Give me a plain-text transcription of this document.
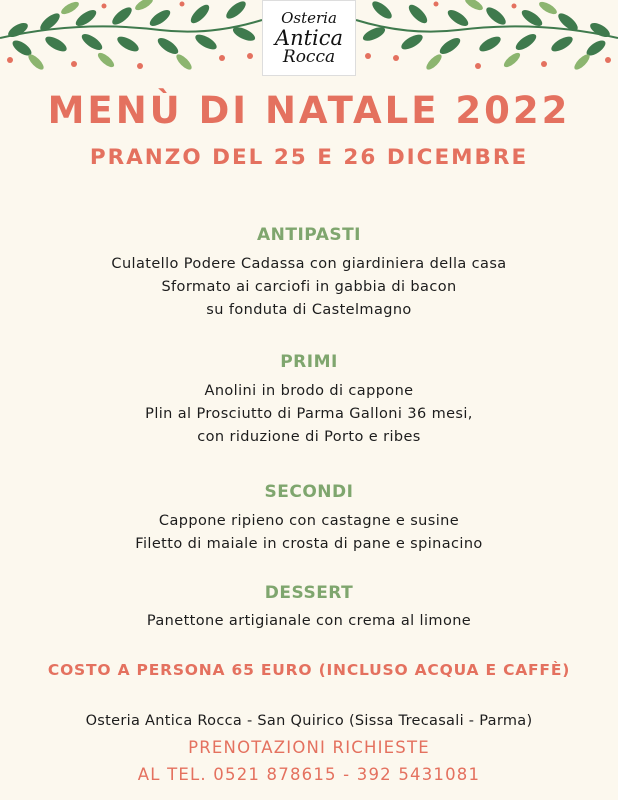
Osteria
Antica
Rocca
MENÙ DI NATALE 2022
PRANZO DEL 25 E 26 DICEMBRE
ANTIPASTI
Culatello Podere Cadassa con giardiniera della casa
Sformato ai carciofi in gabbia di bacon
su fonduta di Castelmagno
PRIMI
Anolini in brodo di cappone
Plin al Prosciutto di Parma Galloni 36 mesi,
con riduzione di Porto e ribes
SECONDI
Cappone ripieno con castagne e susine
Filetto di maiale in crosta di pane e spinacino
DESSERT
Panettone artigianale con crema al limone
COSTO A PERSONA 65 EURO (INCLUSO ACQUA E CAFFÈ)
Osteria Antica Rocca - San Quirico (Sissa Trecasali - Parma)
PRENOTAZIONI RICHIESTE
AL TEL. 0521 878615 - 392 5431081
